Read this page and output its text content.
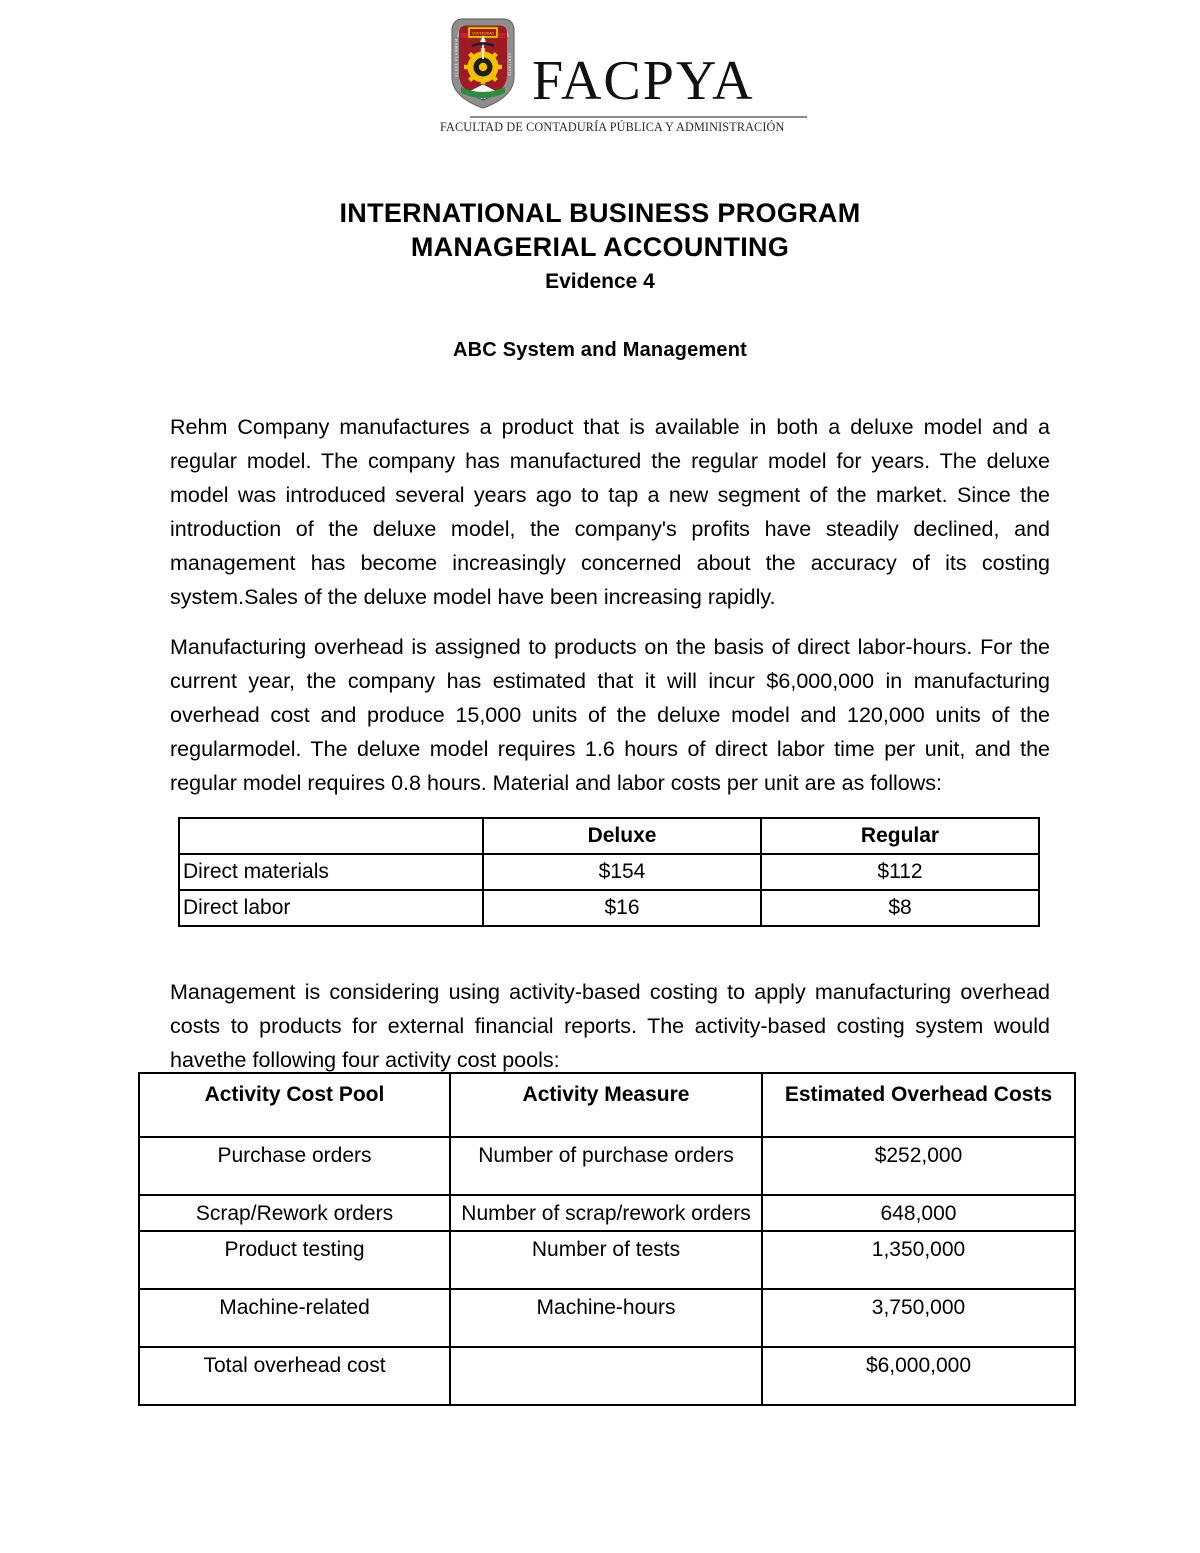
ALERE FLAMMAM	VERITATIS
UNIVERSIDAD
FACPYA
FACULTAD DE CONTADURÍA PÚBLICA Y ADMINISTRACIÓN
INTERNATIONAL BUSINESS PROGRAM
MANAGERIAL ACCOUNTING
Evidence 4
ABC System and Management

Rehm Company manufactures a product that is available in both a deluxe model and a regular model. The company has manufactured the regular model for years. The deluxe model was introduced several years ago to tap a new segment of the market. Since the introduction of the deluxe model, the company's profits have steadily declined, and management has become increasingly concerned about the accuracy of its costing system.Sales of the deluxe model have been increasing rapidly.

Manufacturing overhead is assigned to products on the basis of direct labor-hours. For the current year, the company has estimated that it will incur $6,000,000 in manufacturing overhead cost and produce 15,000 units of the deluxe model and 120,000 units of the regularmodel. The deluxe model requires 1.6 hours of direct labor time per unit, and the regular model requires 0.8 hours. Material and labor costs per unit are as follows:

Management is considering using activity-based costing to apply manufacturing overhead costs to products for external financial reports. The activity-based costing system would havethe following four activity cost pools:

	Deluxe	Regular
Direct materials	$154	$112
Direct labor	$16	$8
Activity Cost Pool	Activity Measure	Estimated Overhead Costs
Purchase orders	Number of purchase orders	$252,000
Scrap/Rework orders	Number of scrap/rework orders	648,000
Product testing	Number of tests	1,350,000
Machine-related	Machine-hours	3,750,000
Total overhead cost		$6,000,000
